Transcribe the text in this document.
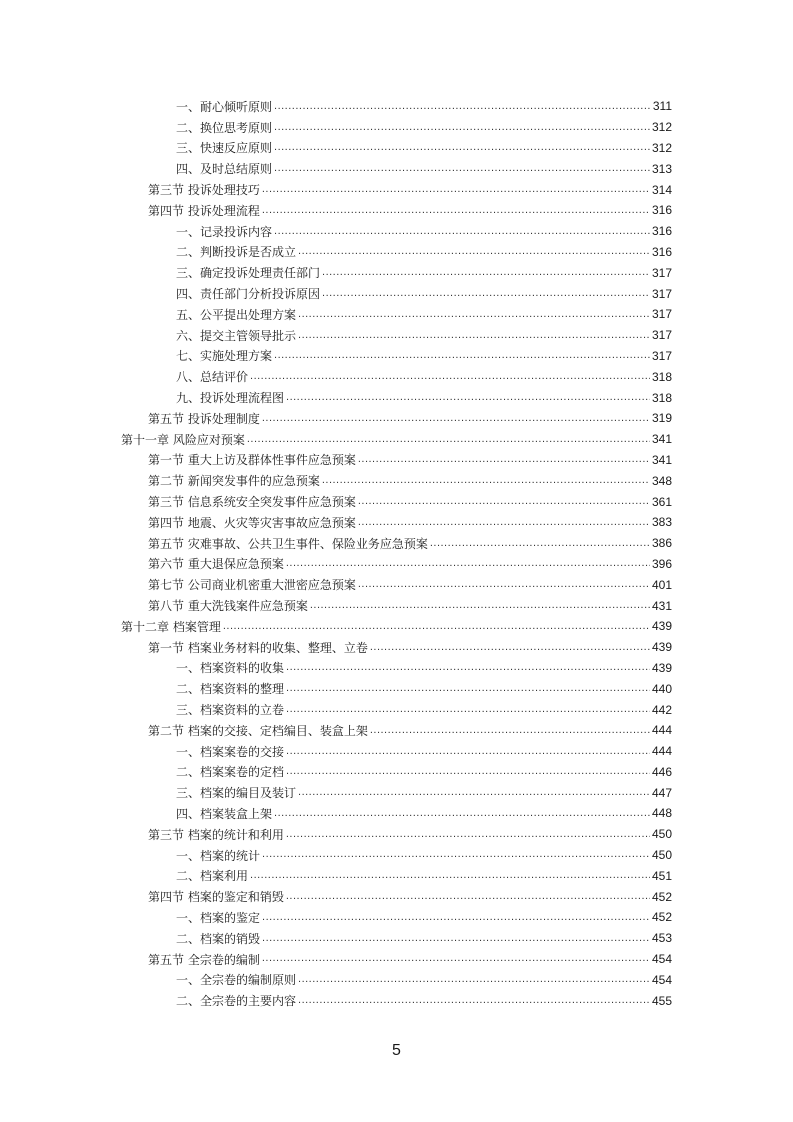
一、耐心倾听原则 .....	311
二、换位思考原则 .....	312
三、快速反应原则 .....	312
四、及时总结原则 .....	313
第三节 投诉处理技巧 .....	314
第四节 投诉处理流程 .....	316
一、记录投诉内容 .....	316
二、判断投诉是否成立 .....	316
三、确定投诉处理责任部门 .....	317
四、责任部门分析投诉原因 .....	317
五、公平提出处理方案 .....	317
六、提交主管领导批示 .....	317
七、实施处理方案 .....	317
八、总结评价 .....	318
九、投诉处理流程图 .....	318
第五节 投诉处理制度 .....	319
第十一章 风险应对预案 .....	341
第一节 重大上访及群体性事件应急预案 .....	341
第二节 新闻突发事件的应急预案 .....	348
第三节 信息系统安全突发事件应急预案 .....	361
第四节 地震、火灾等灾害事故应急预案 .....	383
第五节 灾难事故、公共卫生事件、保险业务应急预案 .....	386
第六节 重大退保应急预案 .....	396
第七节 公司商业机密重大泄密应急预案 .....	401
第八节 重大洗钱案件应急预案 .....	431
第十二章 档案管理 .....	439
第一节 档案业务材料的收集、整理、立卷 .....	439
一、档案资料的收集 .....	439
二、档案资料的整理 .....	440
三、档案资料的立卷 .....	442
第二节 档案的交接、定档编目、装盒上架 .....	444
一、档案案卷的交接 .....	444
二、档案案卷的定档 .....	446
三、档案的编目及装订 .....	447
四、档案装盒上架 .....	448
第三节 档案的统计和利用 .....	450
一、档案的统计 .....	450
二、档案利用 .....	451
第四节 档案的鉴定和销毁 .....	452
一、档案的鉴定 .....	452
二、档案的销毁 .....	453
第五节 全宗卷的编制 .....	454
一、全宗卷的编制原则 .....	454
二、全宗卷的主要内容 .....	455
5
